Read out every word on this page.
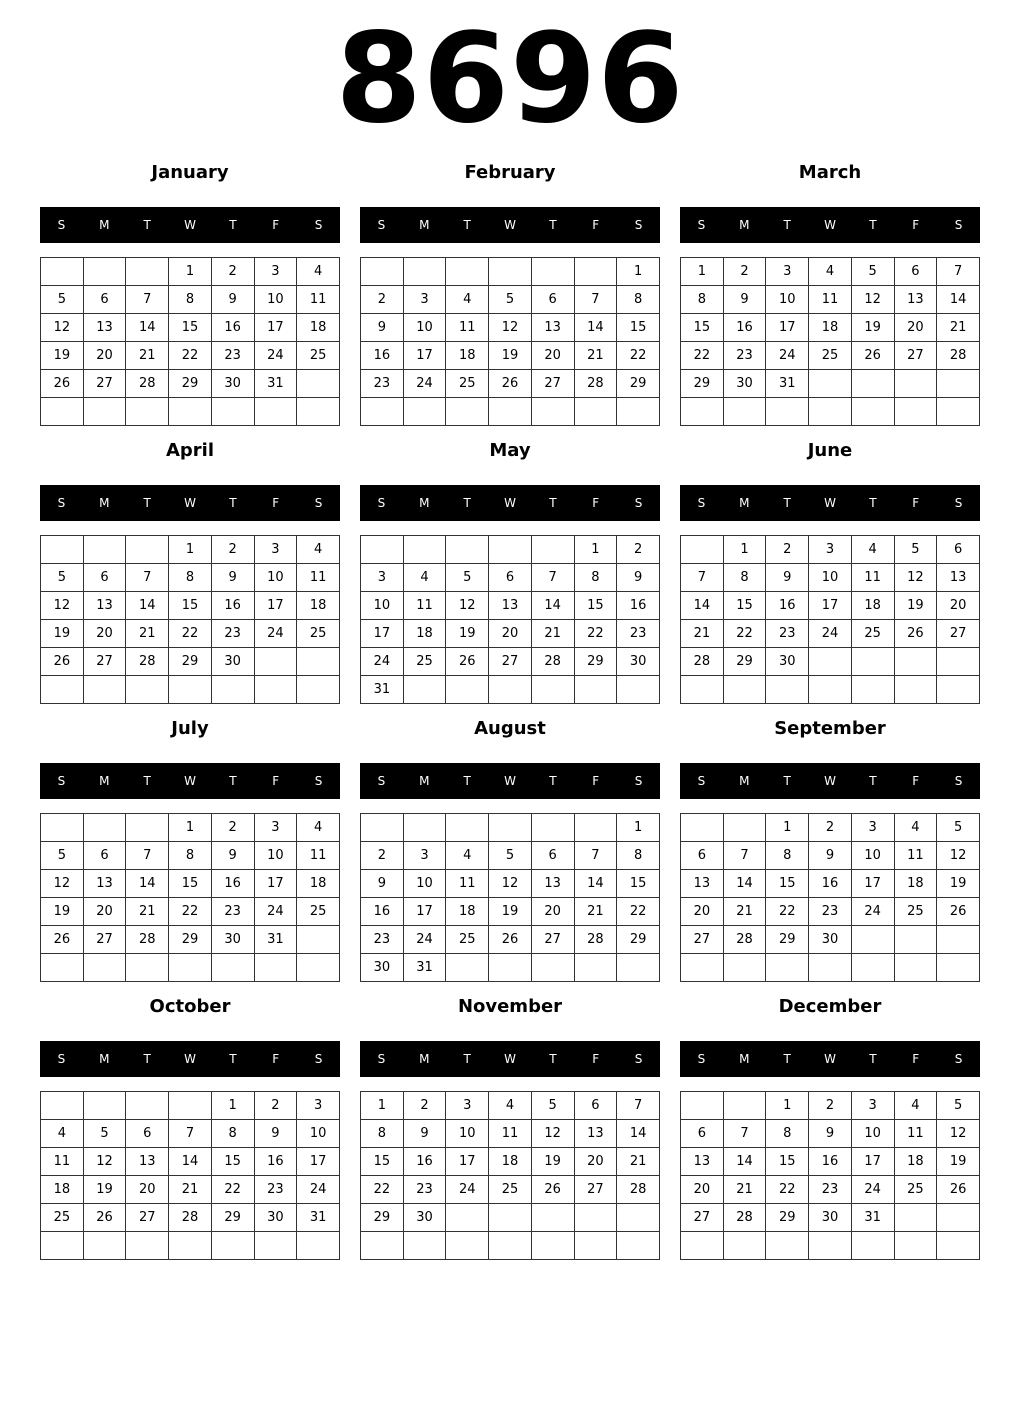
8696
January
S	M	T	W	T	F	S
			1	2	3	4
5	6	7	8	9	10	11
12	13	14	15	16	17	18
19	20	21	22	23	24	25
26	27	28	29	30	31	

February
S	M	T	W	T	F	S
						1
2	3	4	5	6	7	8
9	10	11	12	13	14	15
16	17	18	19	20	21	22
23	24	25	26	27	28	29

March
S	M	T	W	T	F	S
1	2	3	4	5	6	7
8	9	10	11	12	13	14
15	16	17	18	19	20	21
22	23	24	25	26	27	28
29	30	31				

April
S	M	T	W	T	F	S
			1	2	3	4
5	6	7	8	9	10	11
12	13	14	15	16	17	18
19	20	21	22	23	24	25
26	27	28	29	30		

May
S	M	T	W	T	F	S
					1	2
3	4	5	6	7	8	9
10	11	12	13	14	15	16
17	18	19	20	21	22	23
24	25	26	27	28	29	30
31						
June
S	M	T	W	T	F	S
	1	2	3	4	5	6
7	8	9	10	11	12	13
14	15	16	17	18	19	20
21	22	23	24	25	26	27
28	29	30				

July
S	M	T	W	T	F	S
			1	2	3	4
5	6	7	8	9	10	11
12	13	14	15	16	17	18
19	20	21	22	23	24	25
26	27	28	29	30	31	

August
S	M	T	W	T	F	S
						1
2	3	4	5	6	7	8
9	10	11	12	13	14	15
16	17	18	19	20	21	22
23	24	25	26	27	28	29
30	31					
September
S	M	T	W	T	F	S
		1	2	3	4	5
6	7	8	9	10	11	12
13	14	15	16	17	18	19
20	21	22	23	24	25	26
27	28	29	30			

October
S	M	T	W	T	F	S
				1	2	3
4	5	6	7	8	9	10
11	12	13	14	15	16	17
18	19	20	21	22	23	24
25	26	27	28	29	30	31

November
S	M	T	W	T	F	S
1	2	3	4	5	6	7
8	9	10	11	12	13	14
15	16	17	18	19	20	21
22	23	24	25	26	27	28
29	30					

December
S	M	T	W	T	F	S
		1	2	3	4	5
6	7	8	9	10	11	12
13	14	15	16	17	18	19
20	21	22	23	24	25	26
27	28	29	30	31		
